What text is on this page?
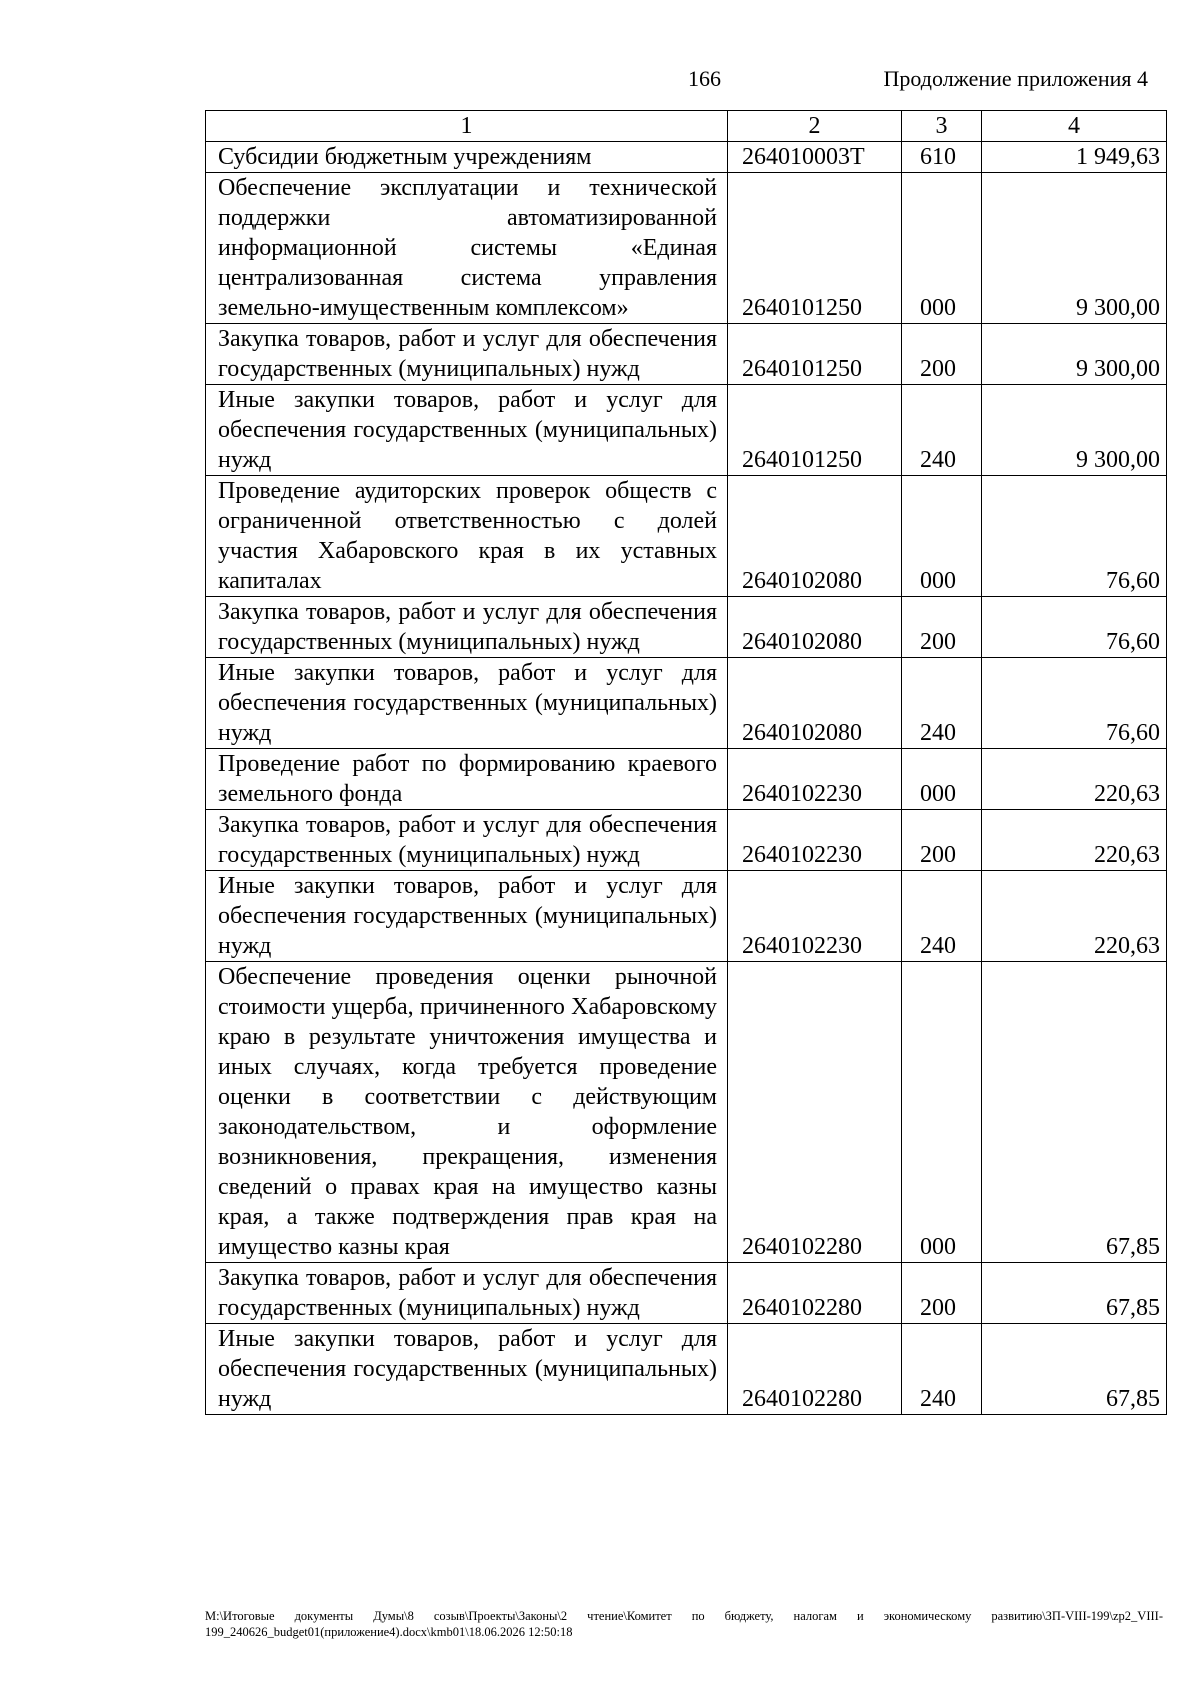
166	Продолжение приложения 4
1	2	3	4
Субсидии бюджетным учреждениям	264010003Т	610	1 949,63
Обеспечение эксплуатации и технической поддержки автоматизированной информационной системы «Единая централизованная система управления земельно-имущественным комплексом»	2640101250	000	9 300,00
Закупка товаров, работ и услуг для обеспечения государственных (муниципальных) нужд	2640101250	200	9 300,00
Иные закупки товаров, работ и услуг для обеспечения государственных (муниципальных) нужд	2640101250	240	9 300,00
Проведение аудиторских проверок обществ с ограниченной ответственностью с долей участия Хабаровского края в их уставных капиталах	2640102080	000	76,60
Закупка товаров, работ и услуг для обеспечения государственных (муниципальных) нужд	2640102080	200	76,60
Иные закупки товаров, работ и услуг для обеспечения государственных (муниципальных) нужд	2640102080	240	76,60
Проведение работ по формированию краевого земельного фонда	2640102230	000	220,63
Закупка товаров, работ и услуг для обеспечения государственных (муниципальных) нужд	2640102230	200	220,63
Иные закупки товаров, работ и услуг для обеспечения государственных (муниципальных) нужд	2640102230	240	220,63
Обеспечение проведения оценки рыночной стоимости ущерба, причиненного Хабаровскому краю в результате уничтожения имущества и иных случаях, когда требуется проведение оценки в соответствии с действующим законодательством, и оформление возникновения, прекращения, изменения сведений о правах края на имущество казны края, а также подтверждения прав края на имущество казны края	2640102280	000	67,85
Закупка товаров, работ и услуг для обеспечения государственных (муниципальных) нужд	2640102280	200	67,85
Иные закупки товаров, работ и услуг для обеспечения государственных (муниципальных) нужд	2640102280	240	67,85
M:\Итоговые документы Думы\8 созыв\Проекты\Законы\2 чтение\Комитет по бюджету, налогам и экономическому развитию\ЗП-VIII-199\zp2_VIII-199_240626_budget01(приложение4).docx\kmb01\18.06.2026 12:50:18
